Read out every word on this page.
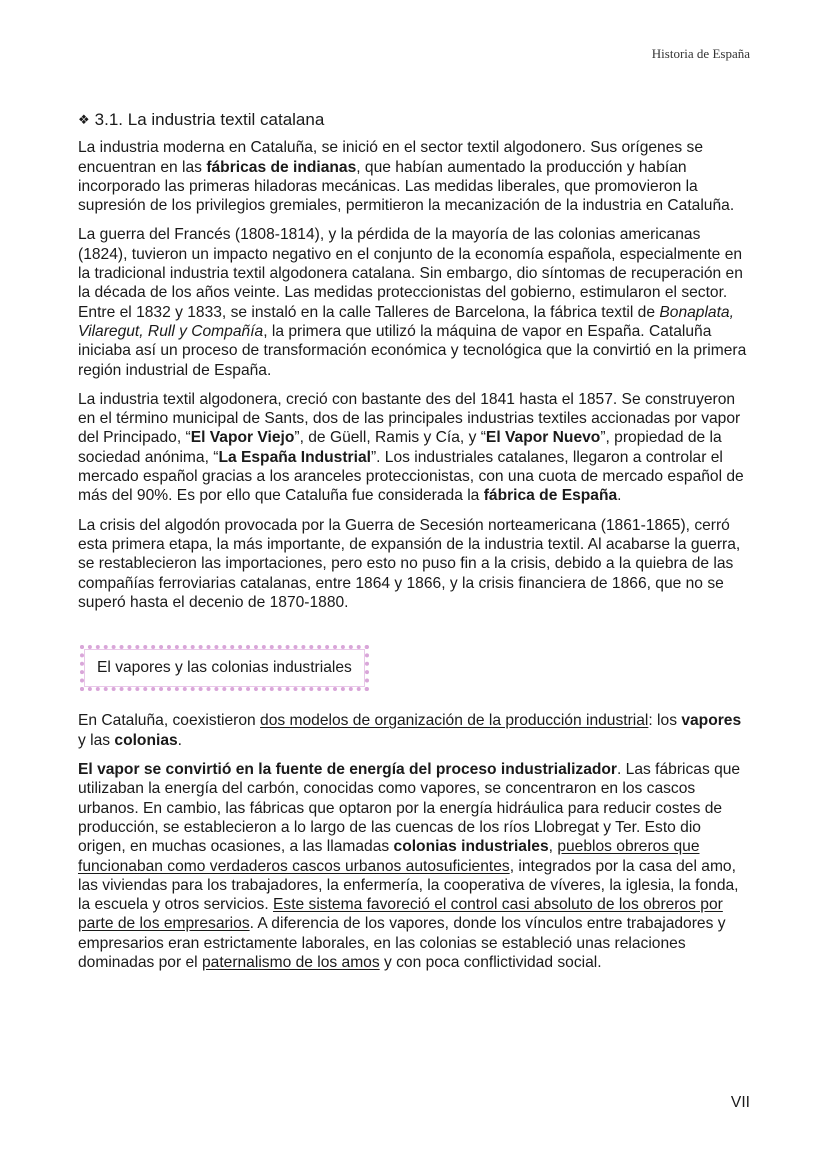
Historia de España
❖ 3.1. La industria textil catalana

La industria moderna en Cataluña, se inició en el sector textil algodonero. Sus orígenes se encuentran en las fábricas de indianas, que habían aumentado la producción y habían incorporado las primeras hiladoras mecánicas. Las medidas liberales, que promovieron la supresión de los privilegios gremiales, permitieron la mecanización de la industria en Cataluña.

La guerra del Francés (1808-1814), y la pérdida de la mayoría de las colonias americanas (1824), tuvieron un impacto negativo en el conjunto de la economía española, especialmente en la tradicional industria textil algodonera catalana. Sin embargo, dio síntomas de recuperación en la década de los años veinte. Las medidas proteccionistas del gobierno, estimularon el sector. Entre el 1832 y 1833, se instaló en la calle Talleres de Barcelona, la fábrica textil de Bonaplata, Vilaregut, Rull y Compañía, la primera que utilizó la máquina de vapor en España. Cataluña iniciaba así un proceso de transformación económica y tecnológica que la convirtió en la primera región industrial de España.

La industria textil algodonera, creció con bastante des del 1841 hasta el 1857. Se construyeron en el término municipal de Sants, dos de las principales industrias textiles accionadas por vapor del Principado, “El Vapor Viejo”, de Güell, Ramis y Cía, y “El Vapor Nuevo”, propiedad de la sociedad anónima, “La España Industrial”. Los industriales catalanes, llegaron a controlar el mercado español gracias a los aranceles proteccionistas, con una cuota de mercado español de más del 90%. Es por ello que Cataluña fue considerada la fábrica de España.

La crisis del algodón provocada por la Guerra de Secesión norteamericana (1861-1865), cerró esta primera etapa, la más importante, de expansión de la industria textil. Al acabarse la guerra, se restablecieron las importaciones, pero esto no puso fin a la crisis, debido a la quiebra de las compañías ferroviarias catalanas, entre 1864 y 1866, y la crisis financiera de 1866, que no se superó hasta el decenio de 1870-1880.

El vapores y las colonias industriales

En Cataluña, coexistieron dos modelos de organización de la producción industrial: los vapores y las colonias.

El vapor se convirtió en la fuente de energía del proceso industrializador. Las fábricas que utilizaban la energía del carbón, conocidas como vapores, se concentraron en los cascos urbanos. En cambio, las fábricas que optaron por la energía hidráulica para reducir costes de producción, se establecieron a lo largo de las cuencas de los ríos Llobregat y Ter. Esto dio origen, en muchas ocasiones, a las llamadas colonias industriales, pueblos obreros que funcionaban como verdaderos cascos urbanos autosuficientes, integrados por la casa del amo, las viviendas para los trabajadores, la enfermería, la cooperativa de víveres, la iglesia, la fonda, la escuela y otros servicios. Este sistema favoreció el control casi absoluto de los obreros por parte de los empresarios. A diferencia de los vapores, donde los vínculos entre trabajadores y empresarios eran estrictamente laborales, en las colonias se estableció unas relaciones dominadas por el paternalismo de los amos y con poca conflictividad social.

VII
